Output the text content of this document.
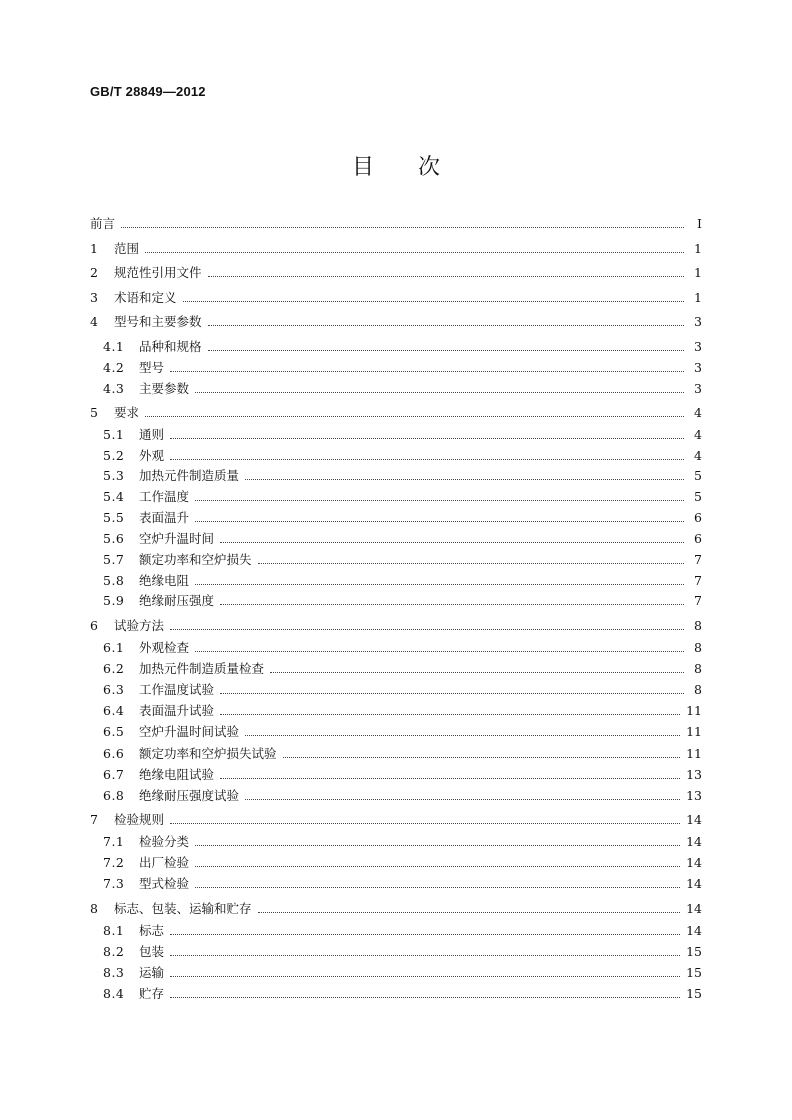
GB/T 28849—2012
目次
前言	Ⅰ
1	范围	1
2	规范性引用文件	1
3	术语和定义	1
4	型号和主要参数	3
4.1	品种和规格	3
4.2	型号	3
4.3	主要参数	3
5	要求	4
5.1	通则	4
5.2	外观	4
5.3	加热元件制造质量	5
5.4	工作温度	5
5.5	表面温升	6
5.6	空炉升温时间	6
5.7	额定功率和空炉损失	7
5.8	绝缘电阻	7
5.9	绝缘耐压强度	7
6	试验方法	8
6.1	外观检查	8
6.2	加热元件制造质量检查	8
6.3	工作温度试验	8
6.4	表面温升试验	11
6.5	空炉升温时间试验	11
6.6	额定功率和空炉损失试验	11
6.7	绝缘电阻试验	13
6.8	绝缘耐压强度试验	13
7	检验规则	14
7.1	检验分类	14
7.2	出厂检验	14
7.3	型式检验	14
8	标志、包装、运输和贮存	14
8.1	标志	14
8.2	包装	15
8.3	运输	15
8.4	贮存	15
